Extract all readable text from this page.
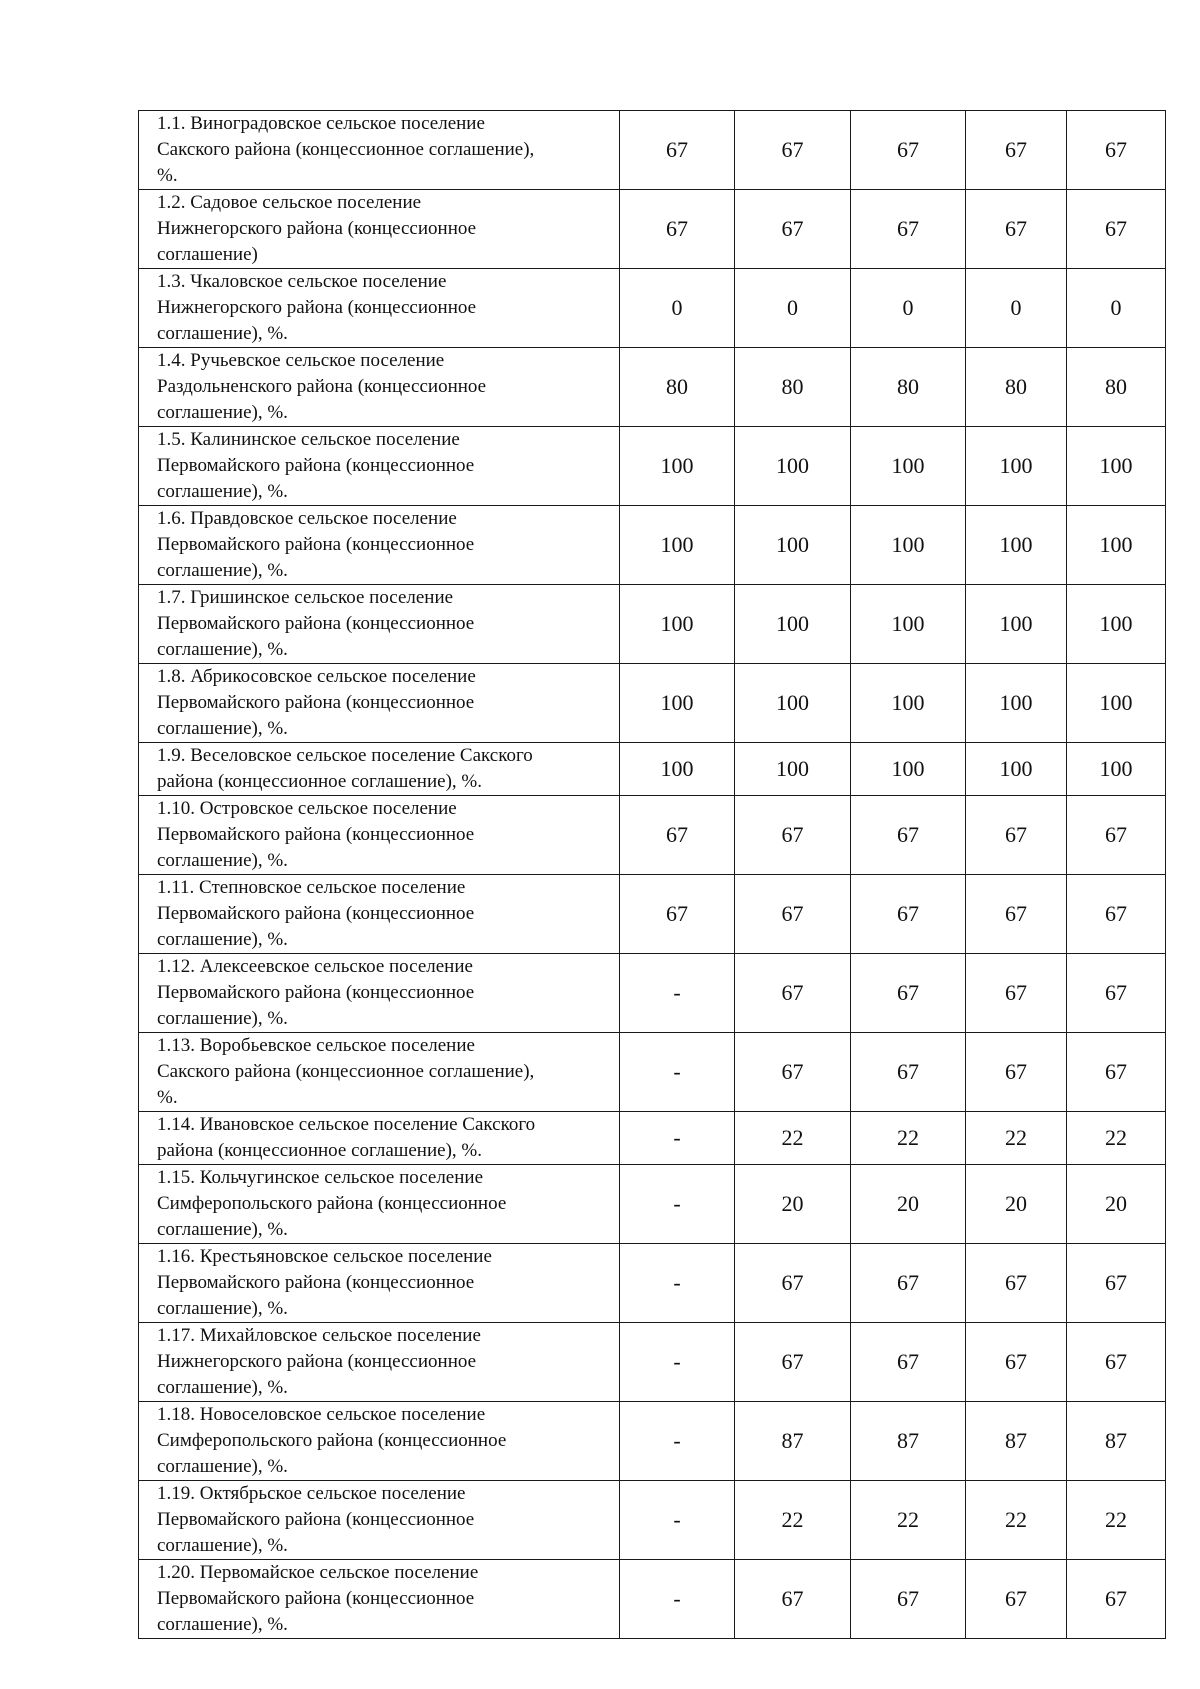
1.1. Виноградовское сельское поселение
Сакского района (концессионное соглашение),
%.	67	67	67	67	67
1.2. Садовое сельское поселение
Нижнегорского района (концессионное
соглашение)	67	67	67	67	67
1.3. Чкаловское сельское поселение
Нижнегорского района (концессионное
соглашение), %.	0	0	0	0	0
1.4. Ручьевское сельское поселение
Раздольненского района (концессионное
соглашение), %.	80	80	80	80	80
1.5. Калининское сельское поселение
Первомайского района (концессионное
соглашение), %.	100	100	100	100	100
1.6. Правдовское сельское поселение
Первомайского района (концессионное
соглашение), %.	100	100	100	100	100
1.7. Гришинское сельское поселение
Первомайского района (концессионное
соглашение), %.	100	100	100	100	100
1.8. Абрикосовское сельское поселение
Первомайского района (концессионное
соглашение), %.	100	100	100	100	100
1.9. Веселовское сельское поселение Сакского
района (концессионное соглашение), %.	100	100	100	100	100
1.10. Островское сельское поселение
Первомайского района (концессионное
соглашение), %.	67	67	67	67	67
1.11. Степновское сельское поселение
Первомайского района (концессионное
соглашение), %.	67	67	67	67	67
1.12. Алексеевское сельское поселение
Первомайского района (концессионное
соглашение), %.	-	67	67	67	67
1.13. Воробьевское сельское поселение
Сакского района (концессионное соглашение),
%.	-	67	67	67	67
1.14. Ивановское сельское поселение Сакского
района (концессионное соглашение), %.	-	22	22	22	22
1.15. Кольчугинское сельское поселение
Симферопольского района (концессионное
соглашение), %.	-	20	20	20	20
1.16. Крестьяновское сельское поселение
Первомайского района (концессионное
соглашение), %.	-	67	67	67	67
1.17. Михайловское сельское поселение
Нижнегорского района (концессионное
соглашение), %.	-	67	67	67	67
1.18. Новоселовское сельское поселение
Симферопольского района (концессионное
соглашение), %.	-	87	87	87	87
1.19. Октябрьское сельское поселение
Первомайского района (концессионное
соглашение), %.	-	22	22	22	22
1.20. Первомайское сельское поселение
Первомайского района (концессионное
соглашение), %.	-	67	67	67	67
